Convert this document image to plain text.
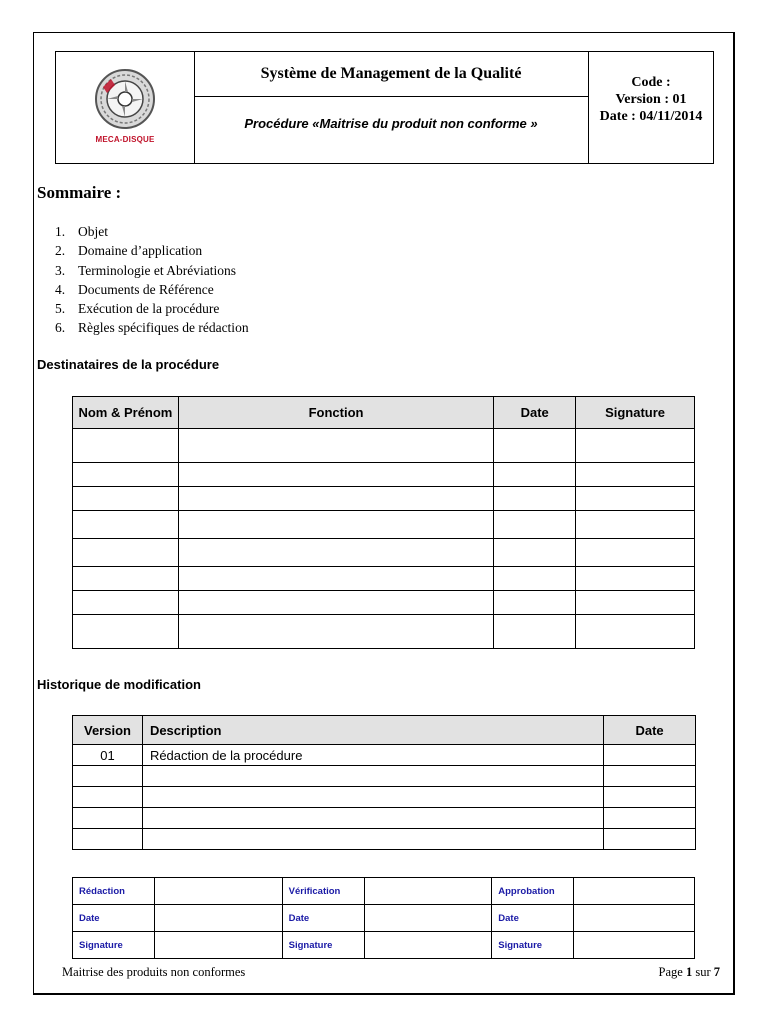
MECA-DISQUE
Système de Management de la Qualité
Procédure «Maitrise du produit non conforme »
Code :
Version : 01
Date : 04/11/2014
Sommaire :
1. Objet
2. Domaine d’application
3. Terminologie et Abréviations
4. Documents de Référence
5. Exécution de la procédure
6. Règles spécifiques de rédaction
Destinataires de la procédure
Nom & Prénom	Fonction	Date	Signature

Historique de modification
Version	Description	Date
01	Rédaction de la procédure	

Rédaction		Vérification		Approbation	
Date		Date		Date	
Signature		Signature		Signature	
Maitrise des produits non conformes	Page 1 sur 7
